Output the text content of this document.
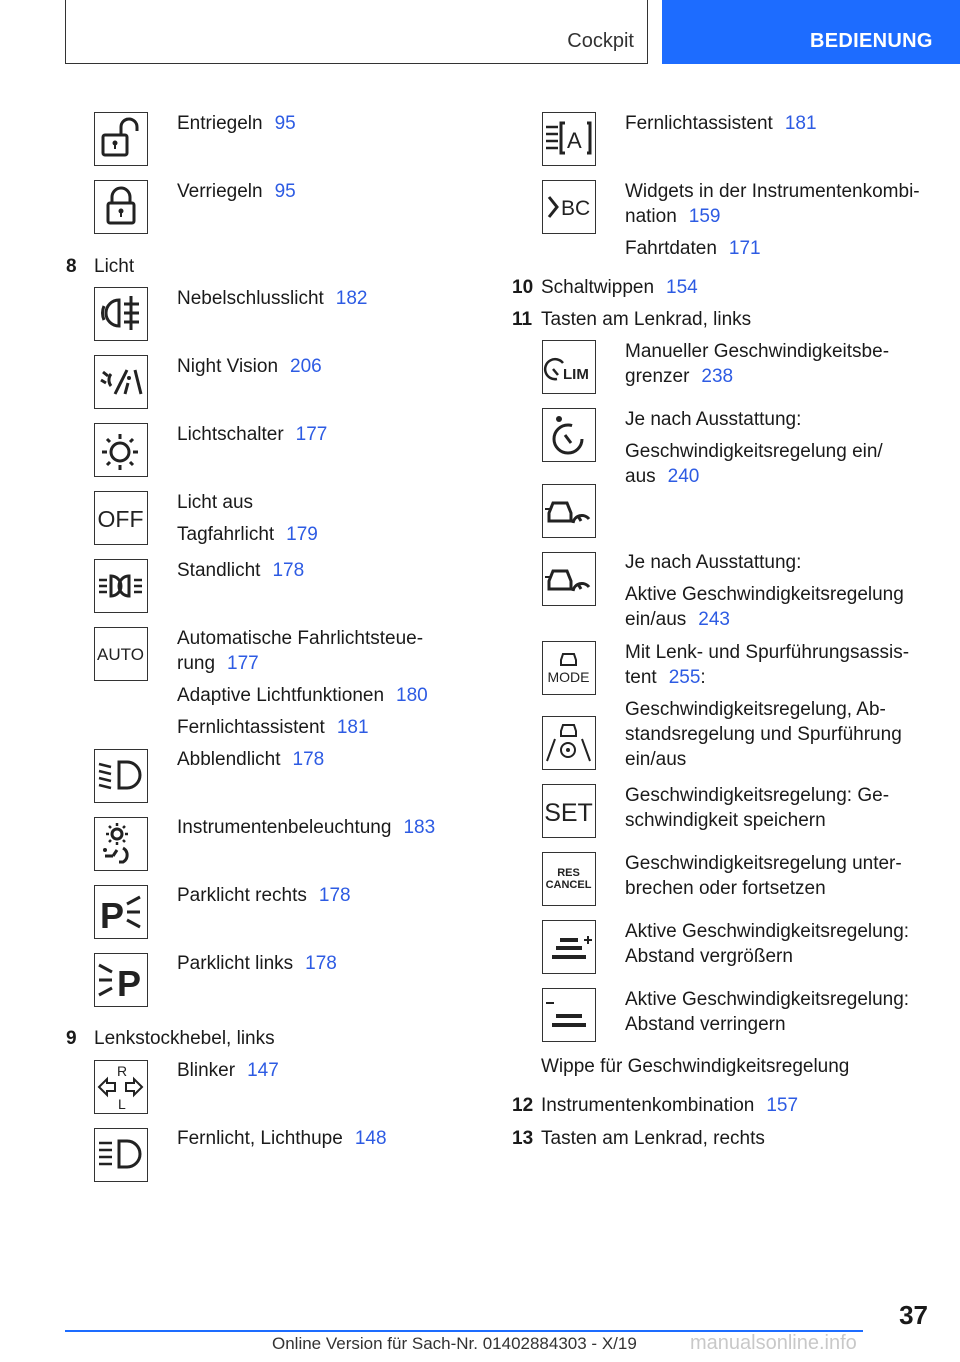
Cockpit	BEDIENUNG
Entriegeln 95
Verriegeln 95
8 Licht
Nebelschlusslicht 182
Night Vision 206
Lichtschalter 177
OFF
Licht aus
Tagfahrlicht 179
Standlicht 178
AUTO
Automatische Fahrlichtsteue-
rung 177
Adaptive Lichtfunktionen 180
Fernlichtassistent 181
Abblendlicht 178
Instrumentenbeleuchtung 183
P	Parklicht rechts 178
P Parklicht links 178
9 Lenkstockhebel, links
R
L
Blinker 147
Fernlicht, Lichthupe 148
A
Fernlichtassistent 181
BC
Widgets in der Instrumentenkombi-
nation 159
Fahrtdaten 171
10 Schaltwippen 154
11 Tasten am Lenkrad, links
LIM
Manueller Geschwindigkeitsbe-
grenzer 238
Je nach Ausstattung:
Geschwindigkeitsregelung ein/
aus 240
Je nach Ausstattung:
Aktive Geschwindigkeitsregelung
ein/aus 243
MODE
Mit Lenk- und Spurführungsassis-
tent 255:
Geschwindigkeitsregelung, Ab-
standsregelung und Spurführung
ein/aus
SET
Geschwindigkeitsregelung: Ge-
schwindigkeit speichern
RES
CANCEL
Geschwindigkeitsregelung unter-
brechen oder fortsetzen
Aktive Geschwindigkeitsregelung:
Abstand vergrößern
Aktive Geschwindigkeitsregelung:
Abstand verringern
Wippe für Geschwindigkeitsregelung
12 Instrumentenkombination 157
13 Tasten am Lenkrad, rechts
37
Online Version für Sach-Nr. 01402884303 - X/19	manualsonline.info
